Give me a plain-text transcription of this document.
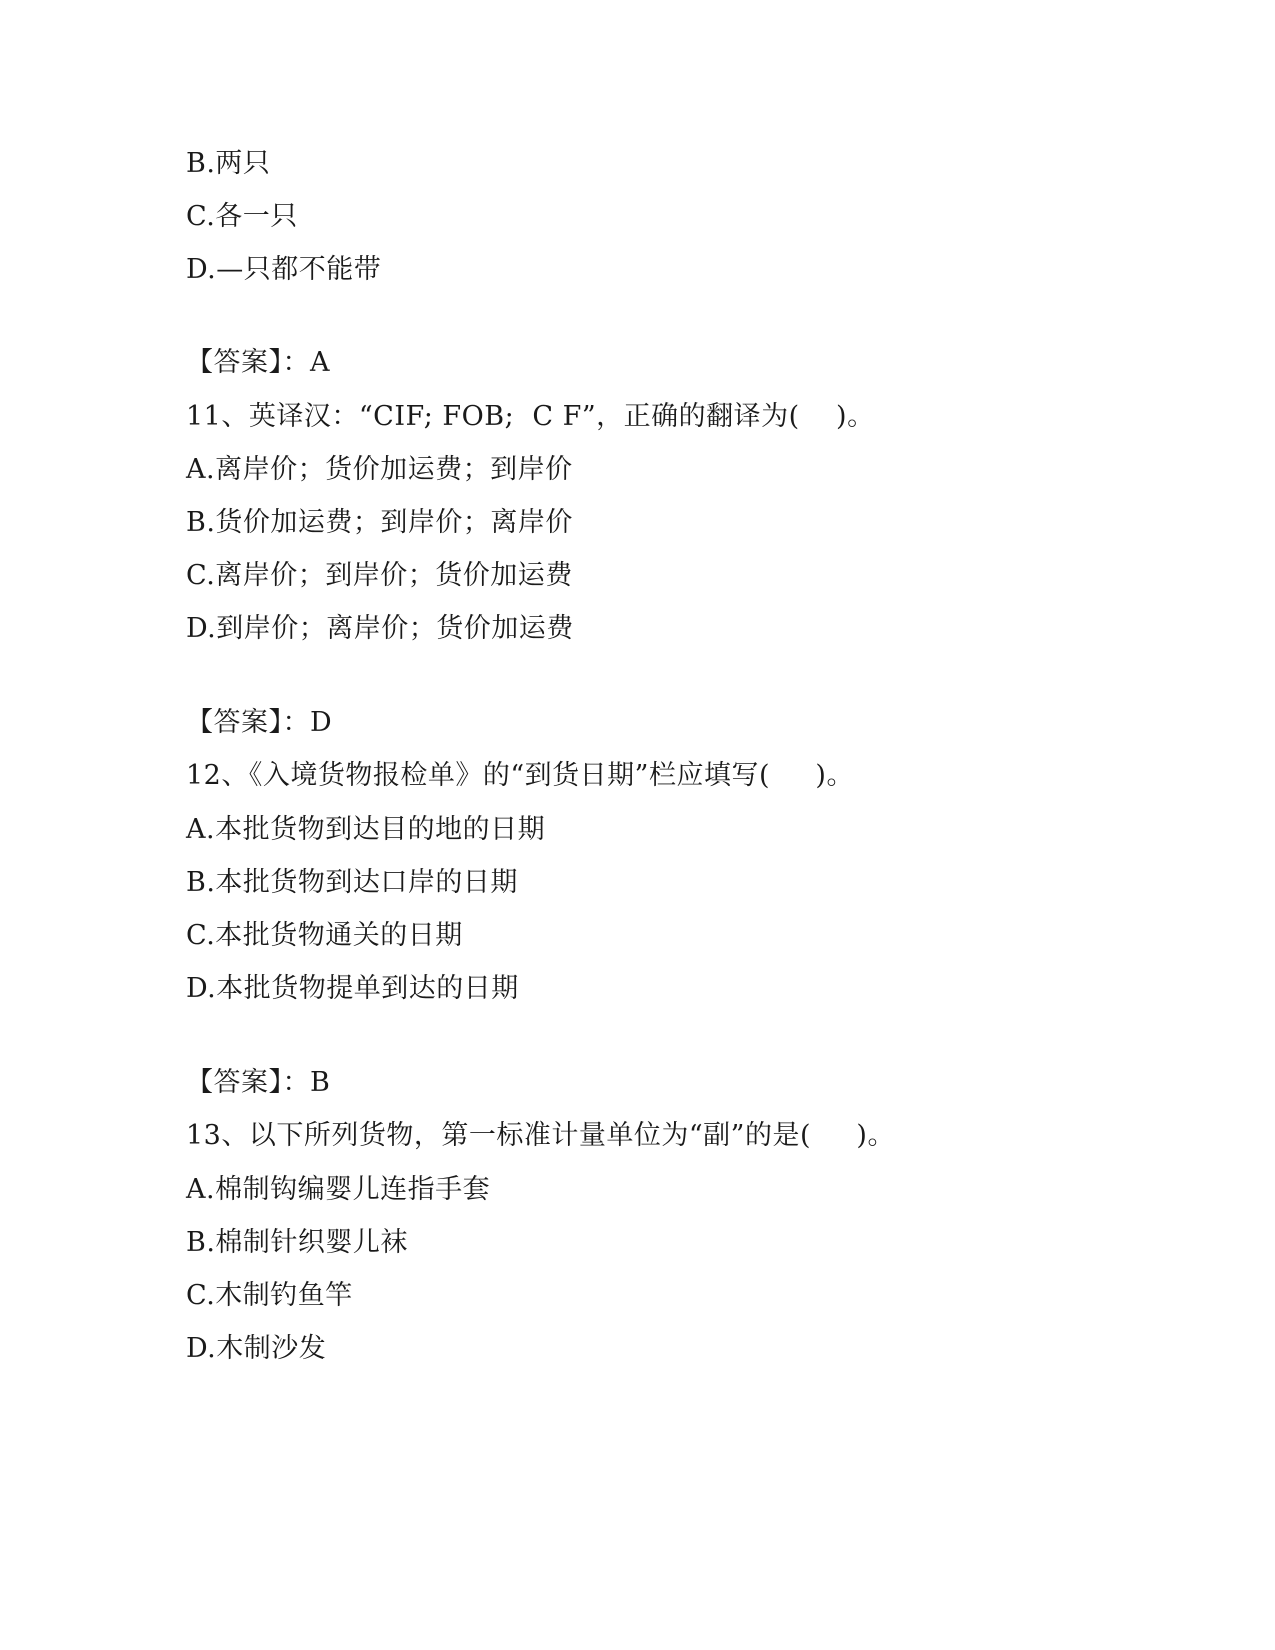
B.两只
C.各一只
D.—只都不能带
【答案】：A
11、英译汉：“CIF; FOB;  C F”，正确的翻译为(    )。
A.离岸价；货价加运费；到岸价
B.货价加运费；到岸价；离岸价
C.离岸价；到岸价；货价加运费
D.到岸价；离岸价；货价加运费
【答案】：D
12、《入境货物报检单》的“到货日期”栏应填写(     )。
A.本批货物到达目的地的日期
B.本批货物到达口岸的日期
C.本批货物通关的日期
D.本批货物提单到达的日期
【答案】：B
13、以下所列货物，第一标准计量单位为“副”的是(     )。
A.棉制钩编婴儿连指手套
B.棉制针织婴儿袜
C.木制钓鱼竿
D.木制沙发
